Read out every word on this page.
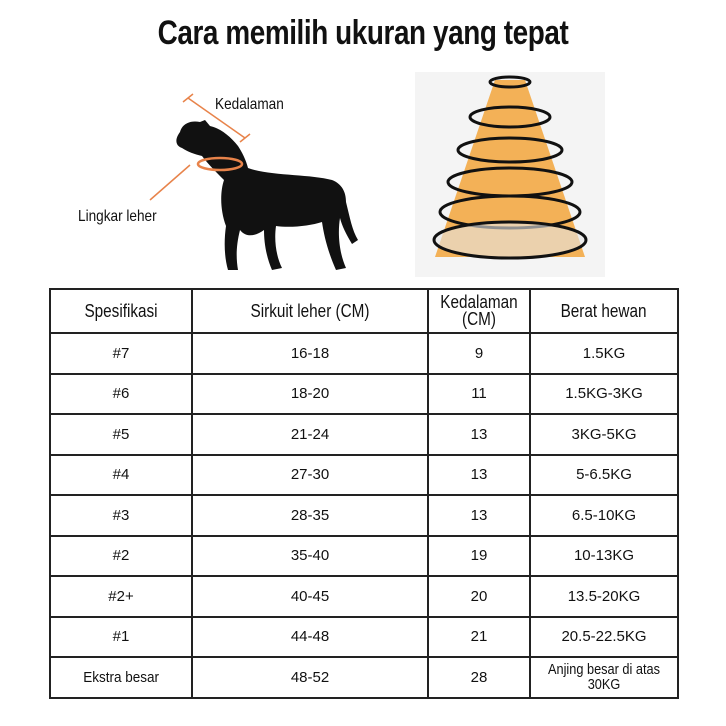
Cara memilih ukuran yang tepat
Kedalaman
Lingkar leher
Spesifikasi	Sirkuit leher (CM)	Kedalaman (CM)	Berat hewan
#7	16-18	9	1.5KG
#6	18-20	11	1.5KG-3KG
#5	21-24	13	3KG-5KG
#4	27-30	13	5-6.5KG
#3	28-35	13	6.5-10KG
#2	35-40	19	10-13KG
#2+	40-45	20	13.5-20KG
#1	44-48	21	20.5-22.5KG
Ekstra besar	48-52	28	Anjing besar di atas 30KG
